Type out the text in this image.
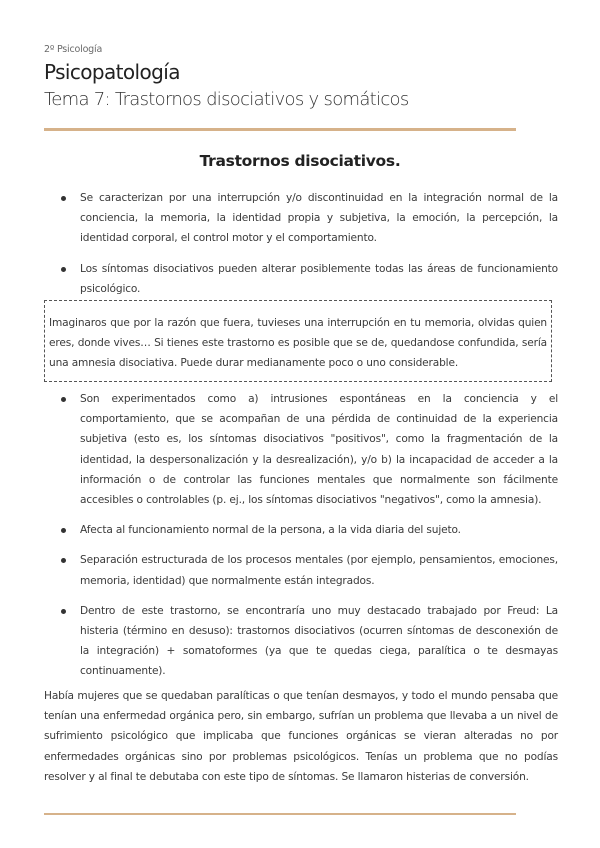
2º Psicología
Psicopatología
Tema 7: Trastornos disociativos y somáticos
Trastornos disociativos.
Se caracterizan por una interrupción y/o discontinuidad en la integración normal de la conciencia, la memoria, la identidad propia y subjetiva, la emoción, la percepción, la identidad corporal, el control motor y el comportamiento.
Los síntomas disociativos pueden alterar posiblemente todas las áreas de funcionamiento psicológico.
Imaginaros que por la razón que fuera, tuvieses una interrupción en tu memoria, olvidas quien eres, donde vives… Si tienes este trastorno es posible que se de, quedandose confundida, sería una amnesia disociativa. Puede durar medianamente poco o uno considerable.
Son experimentados como a) intrusiones espontáneas en la conciencia y el comportamiento, que se acompañan de una pérdida de continuidad de la experiencia subjetiva (esto es, los síntomas disociativos "positivos", como la fragmentación de la identidad, la despersonalización y la desrealización), y/o b) la incapacidad de acceder a la información o de controlar las funciones mentales que normalmente son fácilmente accesibles o controlables (p. ej., los síntomas disociativos "negativos", como la amnesia).
Afecta al funcionamiento normal de la persona, a la vida diaria del sujeto.
Separación estructurada de los procesos mentales (por ejemplo, pensamientos, emociones, memoria, identidad) que normalmente están integrados.
Dentro de este trastorno, se encontraría uno muy destacado trabajado por Freud: La histeria (término en desuso): trastornos disociativos (ocurren síntomas de desconexión de la integración) + somatoformes (ya que te quedas ciega, paralítica o te desmayas continuamente).
Había mujeres que se quedaban paralíticas o que tenían desmayos, y todo el mundo pensaba que tenían una enfermedad orgánica pero, sin embargo, sufrían un problema que llevaba a un nivel de sufrimiento psicológico que implicaba que funciones orgánicas se vieran alteradas no por enfermedades orgánicas sino por problemas psicológicos. Tenías un problema que no podías resolver y al final te debutaba con este tipo de síntomas. Se llamaron histerias de conversión.
